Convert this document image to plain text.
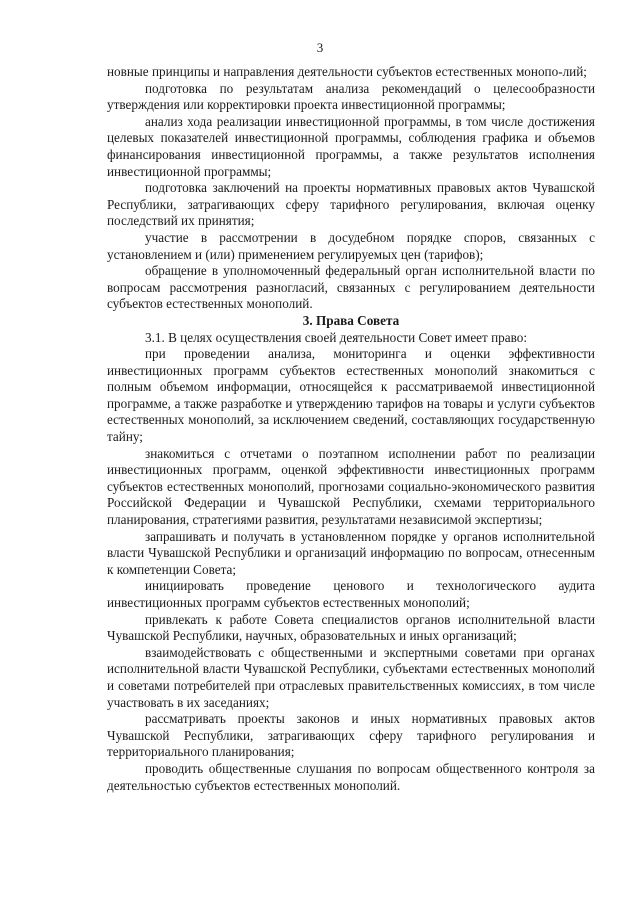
3

новные принципы и направления деятельности субъектов естественных монопо-лий;

подготовка по результатам анализа рекомендаций о целесообразности утверждения или корректировки проекта инвестиционной программы;

анализ хода реализации инвестиционной программы, в том числе достижения целевых показателей инвестиционной программы, соблюдения графика и объемов финансирования инвестиционной программы, а также результатов исполнения инвестиционной программы;

подготовка заключений на проекты нормативных правовых актов Чувашской Республики, затрагивающих сферу тарифного регулирования, включая оценку последствий их принятия;

участие в рассмотрении в досудебном порядке споров, связанных с установлением и (или) применением регулируемых цен (тарифов);

обращение в уполномоченный федеральный орган исполнительной власти по вопросам рассмотрения разногласий, связанных с регулированием деятельности субъектов естественных монополий.

3. Права Совета

3.1. В целях осуществления своей деятельности Совет имеет право:

при проведении анализа, мониторинга и оценки эффективности инвестиционных программ субъектов естественных монополий знакомиться с полным объемом информации, относящейся к рассматриваемой инвестиционной программе, а также разработке и утверждению тарифов на товары и услуги субъектов естественных монополий, за исключением сведений, составляющих государственную тайну;

знакомиться с отчетами о поэтапном исполнении работ по реализации инвестиционных программ, оценкой эффективности инвестиционных программ субъектов естественных монополий, прогнозами социально-экономического развития Российской Федерации и Чувашской Республики, схемами территориального планирования, стратегиями развития, результатами независимой экспертизы;

запрашивать и получать в установленном порядке у органов исполнительной власти Чувашской Республики и организаций информацию по вопросам, отнесенным к компетенции Совета;

инициировать проведение ценового и технологического аудита инвестиционных программ субъектов естественных монополий;

привлекать к работе Совета специалистов органов исполнительной власти Чувашской Республики, научных, образовательных и иных организаций;

взаимодействовать с общественными и экспертными советами при органах исполнительной власти Чувашской Республики, субъектами естественных монополий и советами потребителей при отраслевых правительственных комиссиях, в том числе участвовать в их заседаниях;

рассматривать проекты законов и иных нормативных правовых актов Чувашской Республики, затрагивающих сферу тарифного регулирования и территориального планирования;

проводить общественные слушания по вопросам общественного контроля за деятельностью субъектов естественных монополий.
